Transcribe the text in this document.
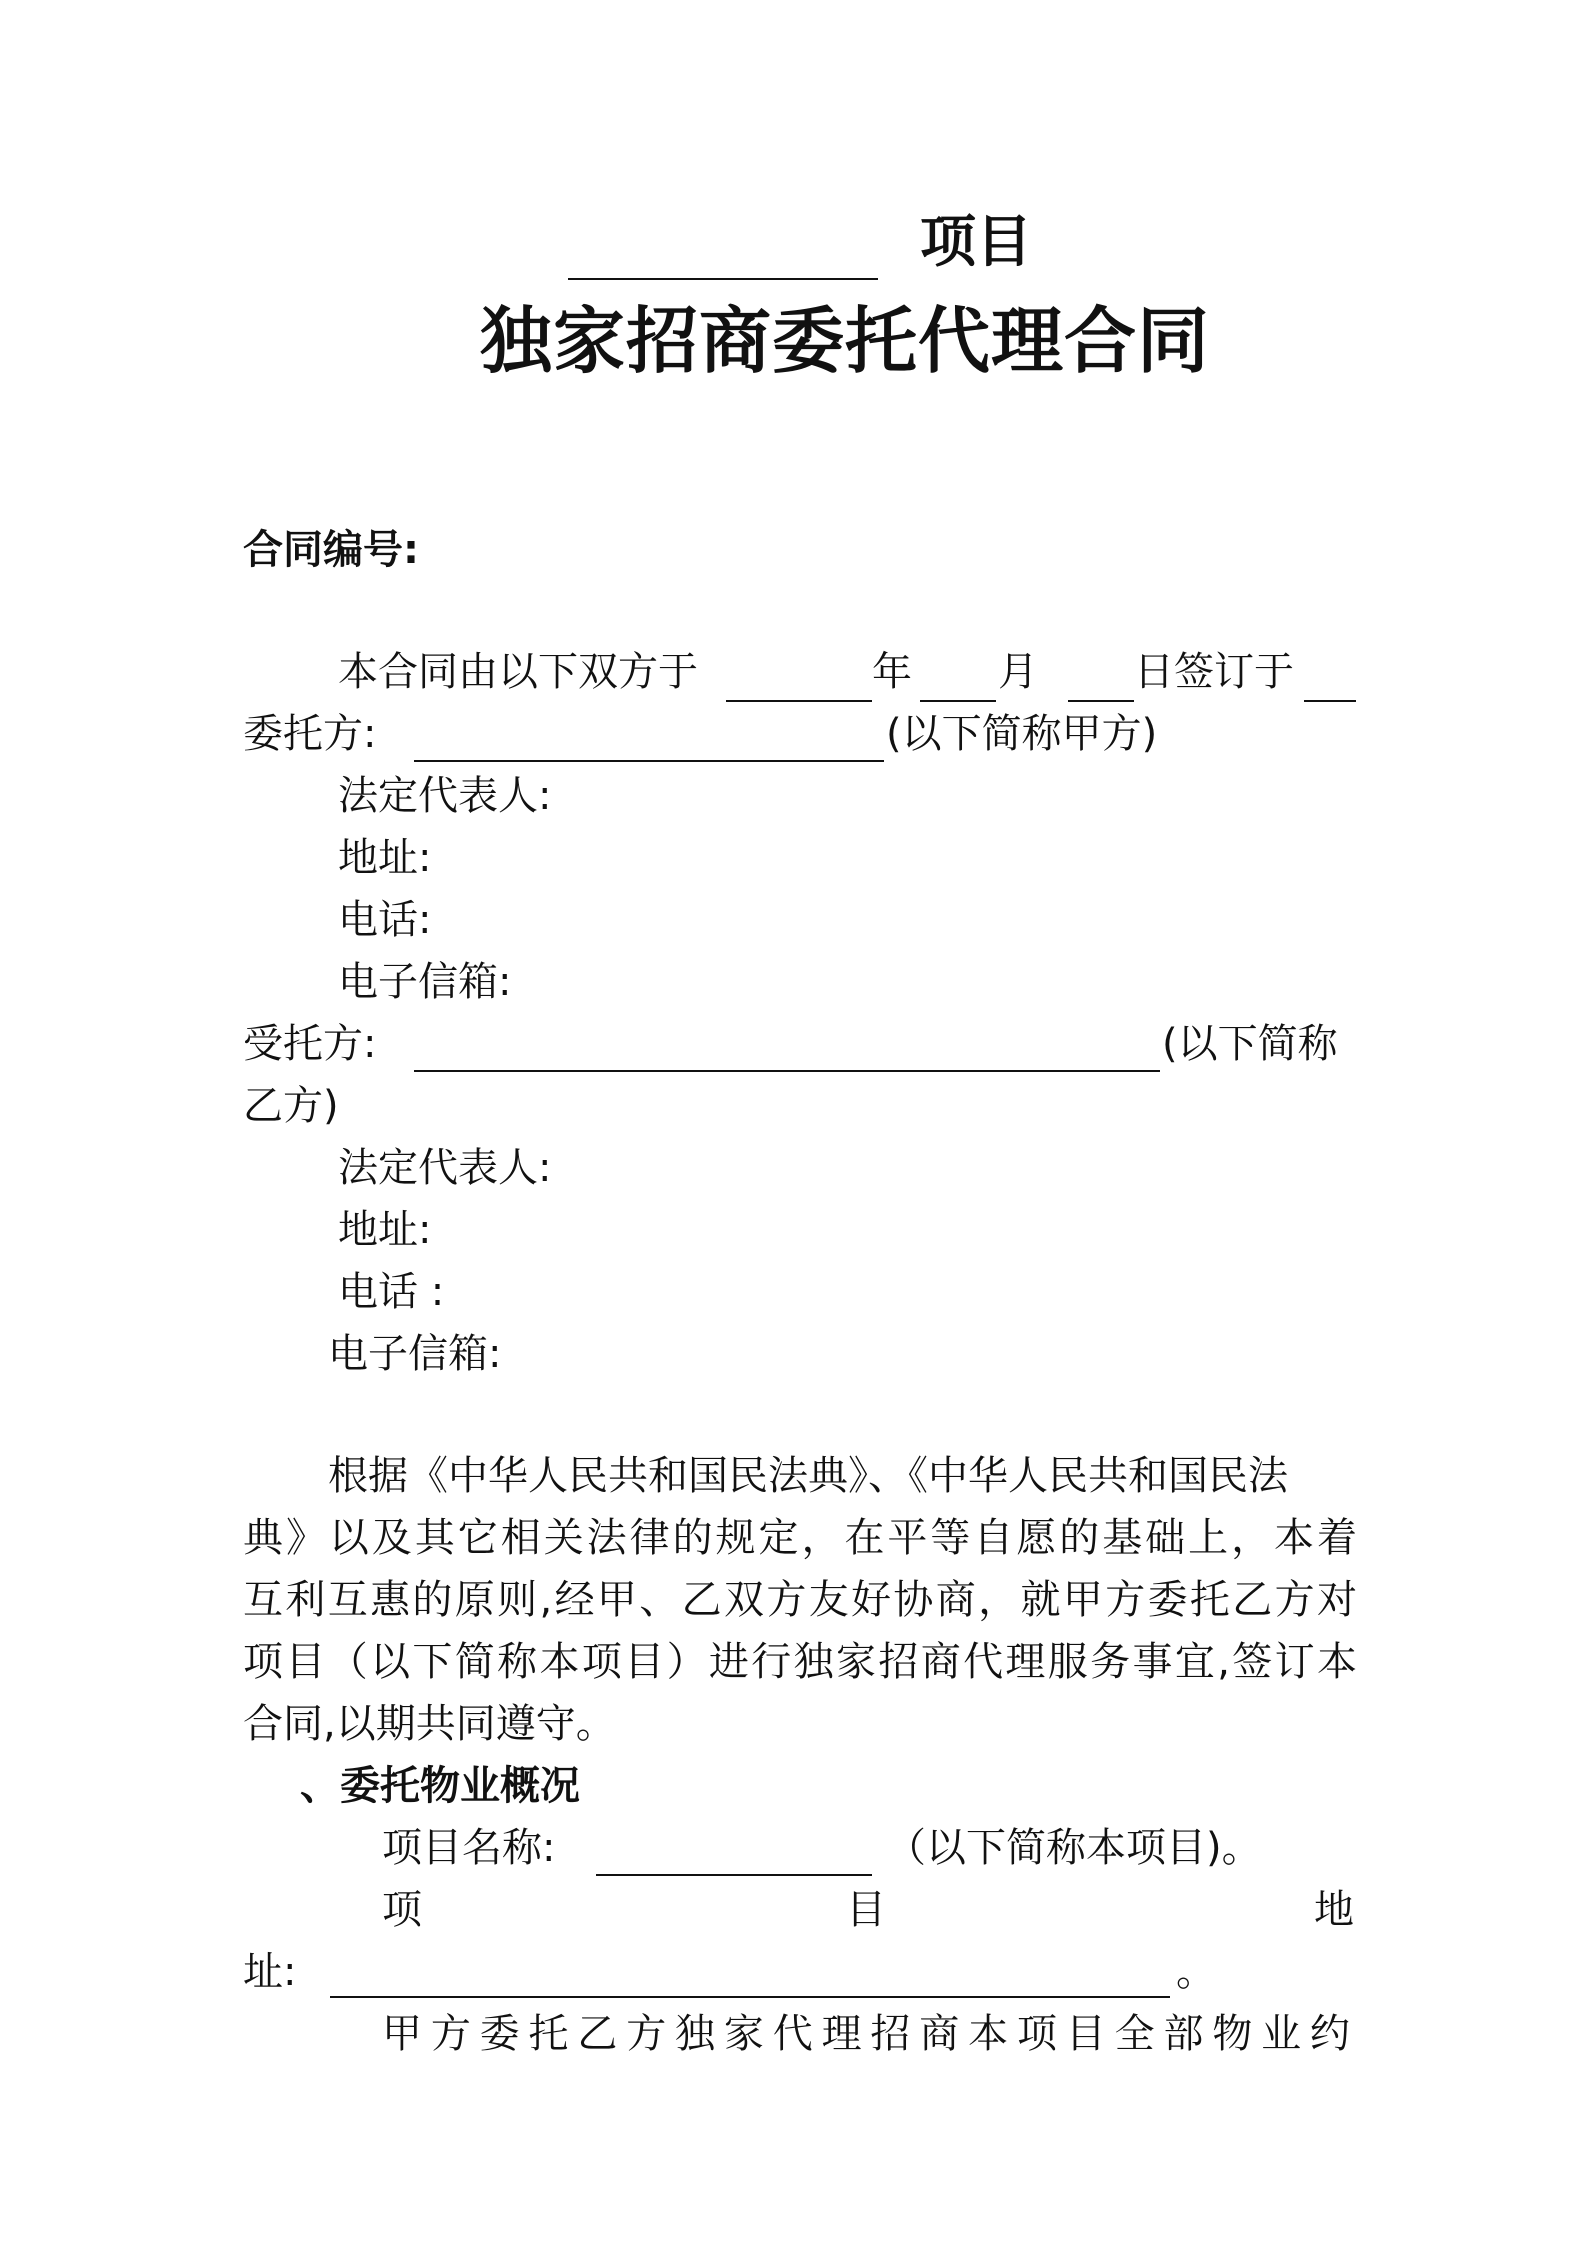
项目
独家招商委托代理合同
合同编号:
本合同由以下双方于	年 月 日签订于
委托方:	(以下简称甲方)
法定代表人:
地址:
电话:
电子信箱:
受托方:	(以下简称
乙方)
法定代表人:
地址:
电话 :
电子信箱:
根据《中华人民共和国民法典》、《中华人民共和国民法
典》以及其它相关法律的规定，在平等自愿的基础上，本着
互利互惠的原则,经甲、乙双方友好协商，就甲方委托乙方对
项目（以下简称本项目）进行独家招商代理服务事宜,签订本
合同,以期共同遵守。
、委托物业概况
项目名称:	（以下简称本项目)。
项	目	地
址:	。
甲方委托乙方独家代理招商本项目全部物业约
